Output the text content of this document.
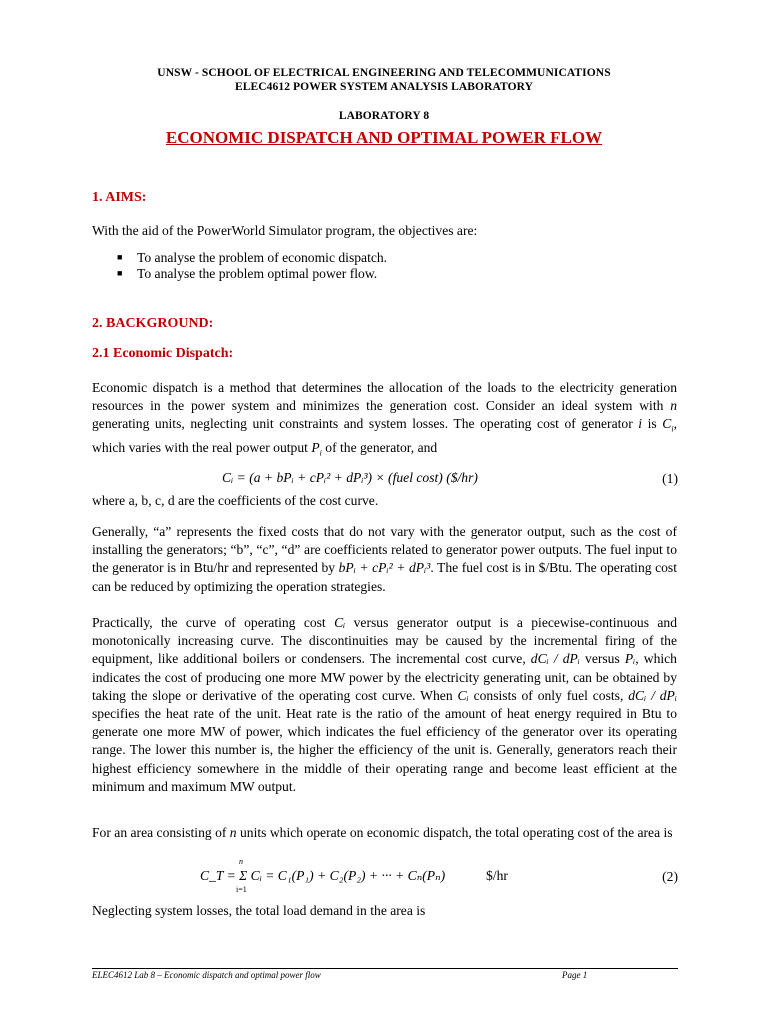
UNSW - SCHOOL OF ELECTRICAL ENGINEERING AND TELECOMMUNICATIONS
ELEC4612 POWER SYSTEM ANALYSIS LABORATORY
LABORATORY 8
ECONOMIC DISPATCH AND OPTIMAL POWER FLOW
1. AIMS:
With the aid of the PowerWorld Simulator program, the objectives are:
■ To analyse the problem of economic dispatch.
■ To analyse the problem optimal power flow.
2. BACKGROUND:
2.1 Economic Dispatch:

Economic dispatch is a method that determines the allocation of the loads to the electricity generation resources in the power system and minimizes the generation cost. Consider an ideal system with n generating units, neglecting unit constraints and system losses. The operating cost of generator i is $C_i$, which varies with the real power output $P_i$ of the generator, and

Cᵢ = (a + bPᵢ + cPᵢ² + dPᵢ³) × (fuel cost) ($/hr)	(1)
where a, b, c, d are the coefficients of the cost curve.

Generally, “a” represents the fixed costs that do not vary with the generator output, such as the cost of installing the generators; “b”, “c”, “d” are coefficients related to generator power outputs. The fuel input to the generator is in Btu/hr and represented by bPᵢ + cPᵢ² + dPᵢ³. The fuel cost is in $/Btu. The operating cost can be reduced by optimizing the operation strategies.

Practically, the curve of operating cost Cᵢ versus generator output is a piecewise-continuous and monotonically increasing curve. The discontinuities may be caused by the incremental firing of the equipment, like additional boilers or condensers. The incremental cost curve, dCᵢ / dPᵢ versus Pᵢ, which indicates the cost of producing one more MW power by the electricity generating unit, can be obtained by taking the slope or derivative of the operating cost curve. When Cᵢ consists of only fuel costs, dCᵢ / dPᵢ specifies the heat rate of the unit. Heat rate is the ratio of the amount of heat energy required in Btu to generate one more MW of power, which indicates the fuel efficiency of the generator over its operating range. The lower this number is, the higher the efficiency of the unit is. Generally, generators reach their highest efficiency somewhere in the middle of their operating range and become least efficient at the minimum and maximum MW output.

For an area consisting of n units which operate on economic dispatch, the total operating cost of the area is

n
C_T = Σ Cᵢ = C₁(P₁) + C₂(P₂) + ··· + Cₙ(Pₙ)
i=1
$/hr	(2)
Neglecting system losses, the total load demand in the area is
ELEC4612 Lab 8 – Economic dispatch and optimal power flow	Page 1
